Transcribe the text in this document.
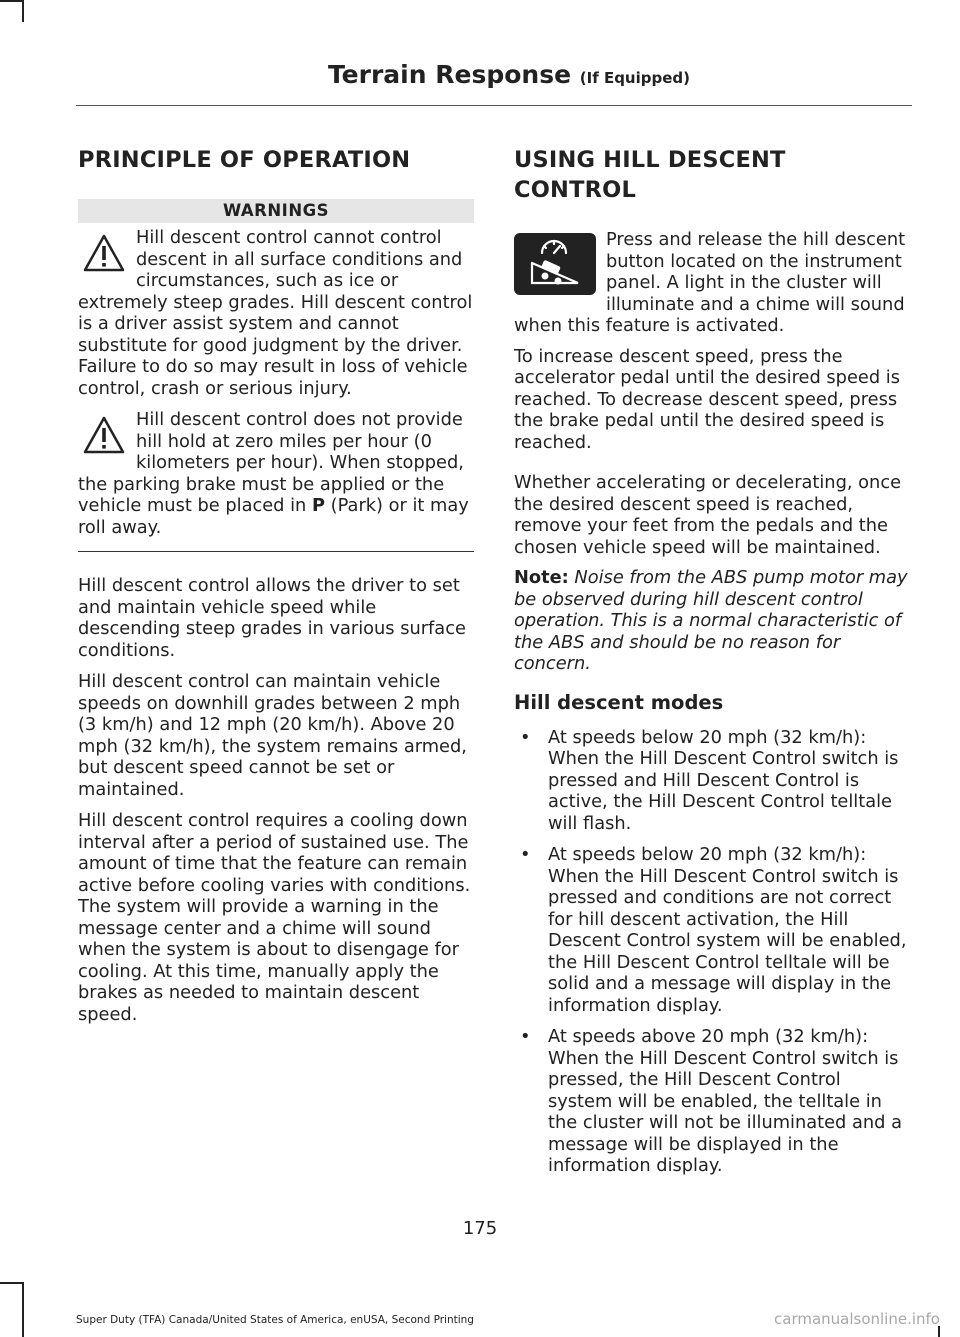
Terrain Response (If Equipped)
PRINCIPLE OF OPERATION
WARNINGS

Hill descent control cannot control descent in all surface conditions and circumstances, such as ice or extremely steep grades. Hill descent control is a driver assist system and cannot substitute for good judgment by the driver. Failure to do so may result in loss of vehicle control, crash or serious injury.

Hill descent control does not provide hill hold at zero miles per hour (0 kilometers per hour). When stopped, the parking brake must be applied or the vehicle must be placed in P (Park) or it may roll away.

Hill descent control allows the driver to set and maintain vehicle speed while descending steep grades in various surface conditions.

Hill descent control can maintain vehicle speeds on downhill grades between 2 mph (3 km/h) and 12 mph (20 km/h). Above 20 mph (32 km/h), the system remains armed, but descent speed cannot be set or maintained.

Hill descent control requires a cooling down interval after a period of sustained use. The amount of time that the feature can remain active before cooling varies with conditions. The system will provide a warning in the message center and a chime will sound when the system is about to disengage for cooling. At this time, manually apply the brakes as needed to maintain descent speed.

USING HILL DESCENT CONTROL

Press and release the hill descent button located on the instrument panel. A light in the cluster will illuminate and a chime will sound when this feature is activated.

To increase descent speed, press the accelerator pedal until the desired speed is reached. To decrease descent speed, press the brake pedal until the desired speed is reached.

Whether accelerating or decelerating, once the desired descent speed is reached, remove your feet from the pedals and the chosen vehicle speed will be maintained.

Note: Noise from the ABS pump motor may be observed during hill descent control operation. This is a normal characteristic of the ABS and should be no reason for concern.

Hill descent modes
• At speeds below 20 mph (32 km/h): When the Hill Descent Control switch is pressed and Hill Descent Control is active, the Hill Descent Control telltale will flash.
• At speeds below 20 mph (32 km/h): When the Hill Descent Control switch is pressed and conditions are not correct for hill descent activation, the Hill Descent Control system will be enabled, the Hill Descent Control telltale will be solid and a message will display in the information display.
• At speeds above 20 mph (32 km/h): When the Hill Descent Control switch is pressed, the Hill Descent Control system will be enabled, the telltale in the cluster will not be illuminated and a message will be displayed in the information display.
175
Super Duty (TFA) Canada/United States of America, enUSA, Second Printing	carmanualsonline.info
